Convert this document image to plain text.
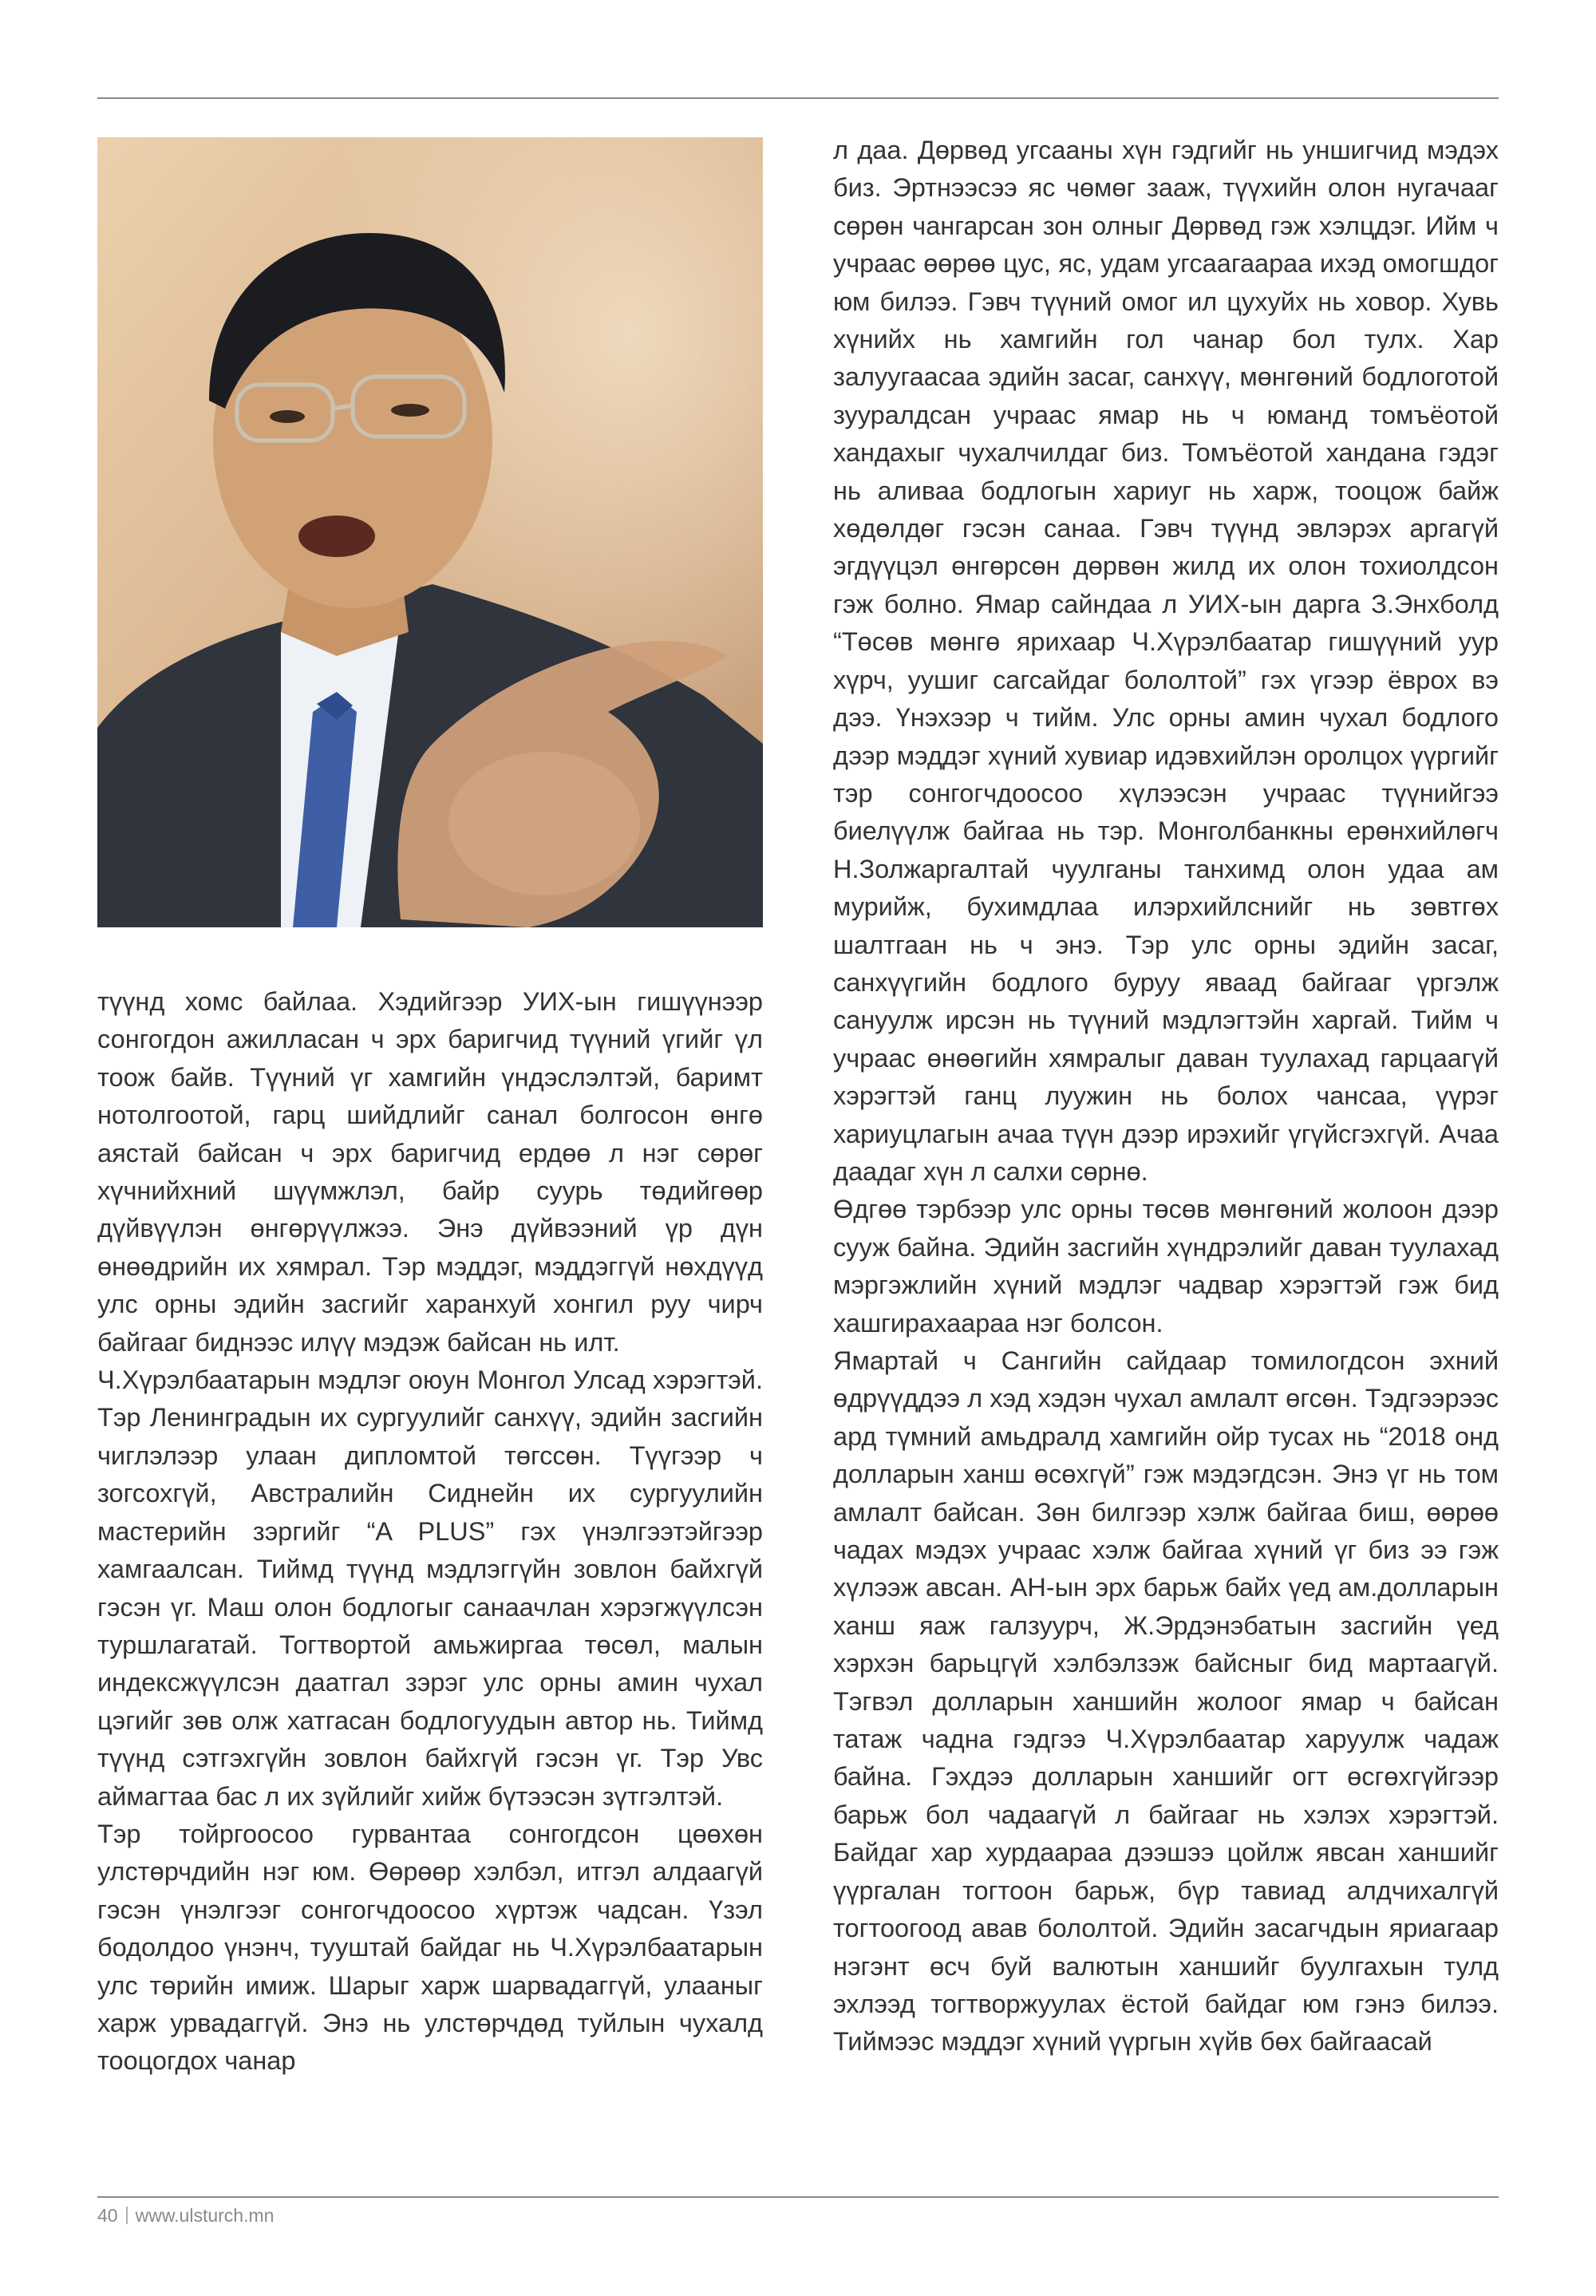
түүнд хомс байлаа. Хэдийгээр УИХ-ын гишүүнээр сонгогдон ажилласан ч эрх баригчид түүний үгийг үл тоож байв. Түүний үг хамгийн үндэслэлтэй, баримт нотолгоотой, гарц шийдлийг санал болгосон өнгө аястай байсан ч эрх баригчид ердөө л нэг сөрөг хүчнийхний шүүмжлэл, байр суурь төдийгөөр дүйвүүлэн өнгөрүүлжээ. Энэ дүйвээний үр дүн өнөөдрийн их хямрал. Тэр мэддэг, мэддэггүй нөхдүүд улс орны эдийн засгийг харанхуй хонгил руу чирч байгааг биднээс илүү мэдэж байсан нь илт.

Ч.Хүрэлбаатарын мэдлэг оюун Монгол Улсад хэрэгтэй. Тэр Ленинградын их сургуулийг санхүү, эдийн засгийн чиглэлээр улаан дипломтой төгссөн. Түүгээр ч зогсохгүй, Австралийн Сиднейн их сургуулийн мастерийн зэргийг “A PLUS” гэх үнэлгээтэйгээр хамгаалсан. Тиймд түүнд мэдлэггүйн зовлон байхгүй гэсэн үг. Маш олон бодлогыг санаачлан хэрэгжүүлсэн туршлагатай. Тогтвортой амьжиргаа төсөл, малын индексжүүлсэн даатгал зэрэг улс орны амин чухал цэгийг зөв олж хатгасан бодлогуудын автор нь. Тиймд түүнд сэтгэхгүйн зовлон байхгүй гэсэн үг. Тэр Увс аймагтаа бас л их зүйлийг хийж бүтээсэн зүтгэлтэй.

Тэр тойргоосоо гурвантаа сонгогдсон цөөхөн улстөрчдийн нэг юм. Өөрөөр хэлбэл, итгэл алдаагүй гэсэн үнэлгээг сонгогчдоосоо хүртэж чадсан. Үзэл бодолдоо үнэнч, тууштай байдаг нь Ч.Хүрэлбаатарын улс төрийн имиж. Шарыг харж шарвадаггүй, улааныг харж урвадаггүй. Энэ нь улстөрчдөд туйлын чухалд тооцогдох чанар

л даа. Дөрвөд угсааны хүн гэдгийг нь уншигчид мэдэх биз. Эртнээсээ яс чөмөг зааж, түүхийн олон нугачааг сөрөн чангарсан зон олныг Дөрвөд гэж хэлцдэг. Ийм ч учраас өөрөө цус, яс, удам угсаагаараа ихэд омогшдог юм билээ. Гэвч түүний омог ил цухуйх нь ховор. Хувь хүнийх нь хамгийн гол чанар бол тулх. Хар залуугаасаа эдийн засаг, санхүү, мөнгөний бодлоготой зууралдсан учраас ямар нь ч юманд томъёотой хандахыг чухалчилдаг биз. Томъёотой хандана гэдэг нь аливаа бодлогын хариуг нь харж, тооцож байж хөдөлдөг гэсэн санаа. Гэвч түүнд эвлэрэх аргагүй эгдүүцэл өнгөрсөн дөрвөн жилд их олон тохиолдсон гэж болно. Ямар сайндаа л УИХ-ын дарга З.Энхболд “Төсөв мөнгө ярихаар Ч.Хүрэлбаатар гишүүний уур хүрч, уушиг сагсайдаг бололтой” гэх үгээр ёврох вэ дээ. Үнэхээр ч тийм. Улс орны амин чухал бодлого дээр мэддэг хүний хувиар идэвхийлэн оролцох үүргийг тэр сонгогчдоосоо хүлээсэн учраас түүнийгээ биелүүлж байгаа нь тэр. Монголбанкны ерөнхийлөгч Н.Золжаргалтай чуулганы танхимд олон удаа ам мурийж, бухимдлаа илэрхийлснийг нь зөвтгөх шалтгаан нь ч энэ. Тэр улс орны эдийн засаг, санхүүгийн бодлого буруу яваад байгааг үргэлж сануулж ирсэн нь түүний мэдлэгтэйн харгай. Тийм ч учраас өнөөгийн хямралыг даван туулахад гарцаагүй хэрэгтэй ганц луужин нь болох чансаа, үүрэг хариуцлагын ачаа түүн дээр ирэхийг үгүйсгэхгүй. Ачаа даадаг хүн л салхи сөрнө.

Өдгөө тэрбээр улс орны төсөв мөнгөний жолоон дээр сууж байна. Эдийн засгийн хүндрэлийг даван туулахад мэргэжлийн хүний мэдлэг чадвар хэрэгтэй гэж бид хашгирахаараа нэг болсон.

Ямартай ч Сангийн сайдаар томилогдсон эхний өдрүүддээ л хэд хэдэн чухал амлалт өгсөн. Тэдгээрээс ард түмний амьдралд хамгийн ойр тусах нь “2018 онд долларын ханш өсөхгүй” гэж мэдэгдсэн. Энэ үг нь том амлалт байсан. Зөн билгээр хэлж байгаа биш, өөрөө чадах мэдэх учраас хэлж байгаа хүний үг биз ээ гэж хүлээж авсан. АН-ын эрх барьж байх үед ам.долларын ханш яаж галзуурч, Ж.Эрдэнэбатын засгийн үед хэрхэн барьцгүй хэлбэлзэж байсныг бид мартаагүй. Тэгвэл долларын ханшийн жолоог ямар ч байсан татаж чадна гэдгээ Ч.Хүрэлбаатар харуулж чадаж байна. Гэхдээ долларын ханшийг огт өсгөхгүйгээр барьж бол чадаагүй л байгааг нь хэлэх хэрэгтэй. Байдаг хар хурдаараа дээшээ цойлж явсан ханшийг үүргалан тогтоон барьж, бүр тавиад алдчихалгүй тогтоогоод авав бололтой. Эдийн засагчдын яриагаар нэгэнт өсч буй валютын ханшийг буулгахын тулд эхлээд тогтворжуулах ёстой байдаг юм гэнэ билээ. Тиймээс мэддэг хүний үүргын хүйв бөх байгаасай

40 www.ulsturch.mn
